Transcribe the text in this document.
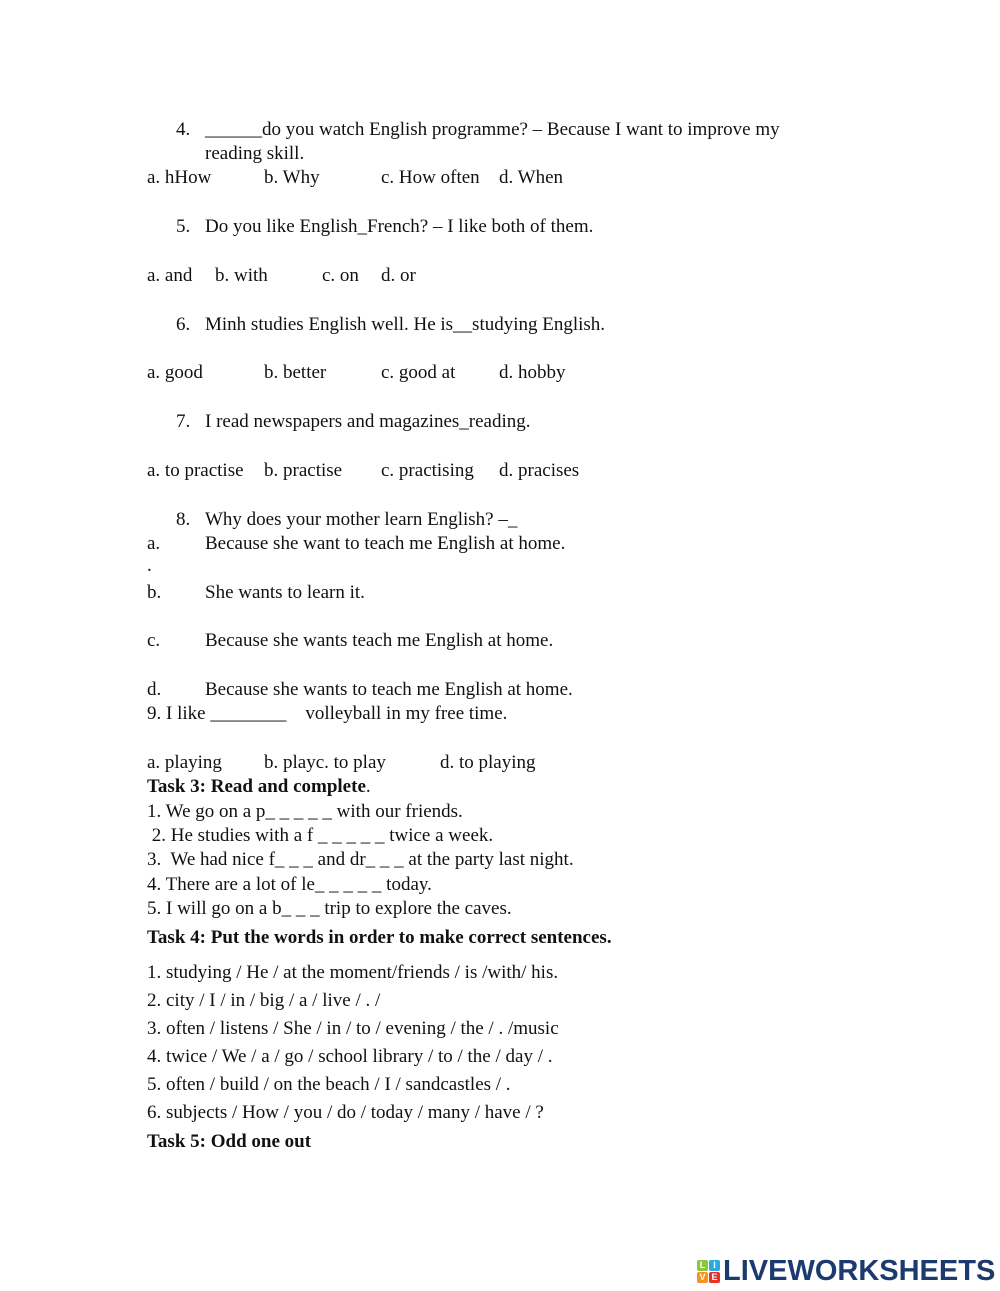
4. ______do you watch English programme? – Because I want to improve my
reading skill.
a. hHow	b. Why	c. How often d. When
5. Do you like English_French? – I like both of them.
a. and b. with	c. on d. or
6. Minh studies English well. He is__studying English.
a. good	b. better	c. good at d. hobby
7. I read newspapers and magazines_reading.
a. to practise b. practise c. practising d. pracises
8. Why does your mother learn English? –_
a. Because she want to teach me English at home.
.
b. She wants to learn it.
c. Because she wants teach me English at home.
d. Because she wants to teach me English at home.
9. I like ________    volleyball in my free time.
a. playing b. playc. to play	d. to playing
Task 3: Read and complete.
1. We go on a p_ _ _ _ _ with our friends.
2. He studies with a f _ _ _ _ _ twice a week.
3.  We had nice f_ _ _ and dr_ _ _ at the party last night.
4. There are a lot of le_ _ _ _ _ today.
5. I will go on a b_ _ _ trip to explore the caves.
Task 4: Put the words in order to make correct sentences.
1. studying / He / at the moment/friends / is /with/ his.
2. city / I / in / big / a / live / . /
3. often / listens / She / in / to / evening / the / . /music
4. twice / We / a / go / school library / to / the / day / .
5. often / build / on the beach / I / sandcastles / .
6. subjects / How / you / do / today / many / have / ?
Task 5: Odd one out
L I
V E LIVEWORKSHEETS
